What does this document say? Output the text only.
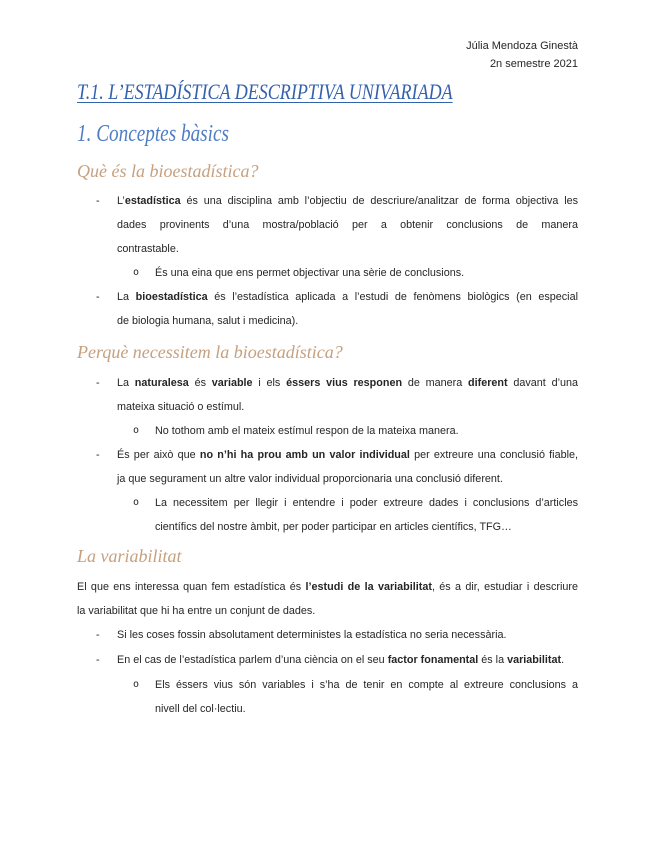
Júlia Mendoza Ginestà
2n semestre 2021
T.1. L’ESTADÍSTICA DESCRIPTIVA UNIVARIADA
1. Conceptes bàsics
Què és la bioestadística?
- L’estadística és una disciplina amb l’objectiu de descriure/analitzar de forma objectiva les
dades provinents d’una mostra/població per a obtenir conclusions de manera
contrastable.
o És una eina que ens permet objectivar una sèrie de conclusions.
- La bioestadística és l’estadística aplicada a l’estudi de fenòmens biològics (en especial
de biologia humana, salut i medicina).
Perquè necessitem la bioestadística?
- La naturalesa és variable i els éssers vius responen de manera diferent davant d’una
mateixa situació o estímul.
o No tothom amb el mateix estímul respon de la mateixa manera.
- És per això que no n’hi ha prou amb un valor individual per extreure una conclusió fiable,
ja que segurament un altre valor individual proporcionaria una conclusió diferent.
o La necessitem per llegir i entendre i poder extreure dades i conclusions d’articles
científics del nostre àmbit, per poder participar en articles científics, TFG…
La variabilitat
El que ens interessa quan fem estadística és l’estudi de la variabilitat, és a dir, estudiar i descriure
la variabilitat que hi ha entre un conjunt de dades.
- Si les coses fossin absolutament deterministes la estadística no seria necessària.
- En el cas de l’estadística parlem d’una ciència on el seu factor fonamental és la variabilitat.
o Els éssers vius són variables i s’ha de tenir en compte al extreure conclusions a
nivell del col·lectiu.
